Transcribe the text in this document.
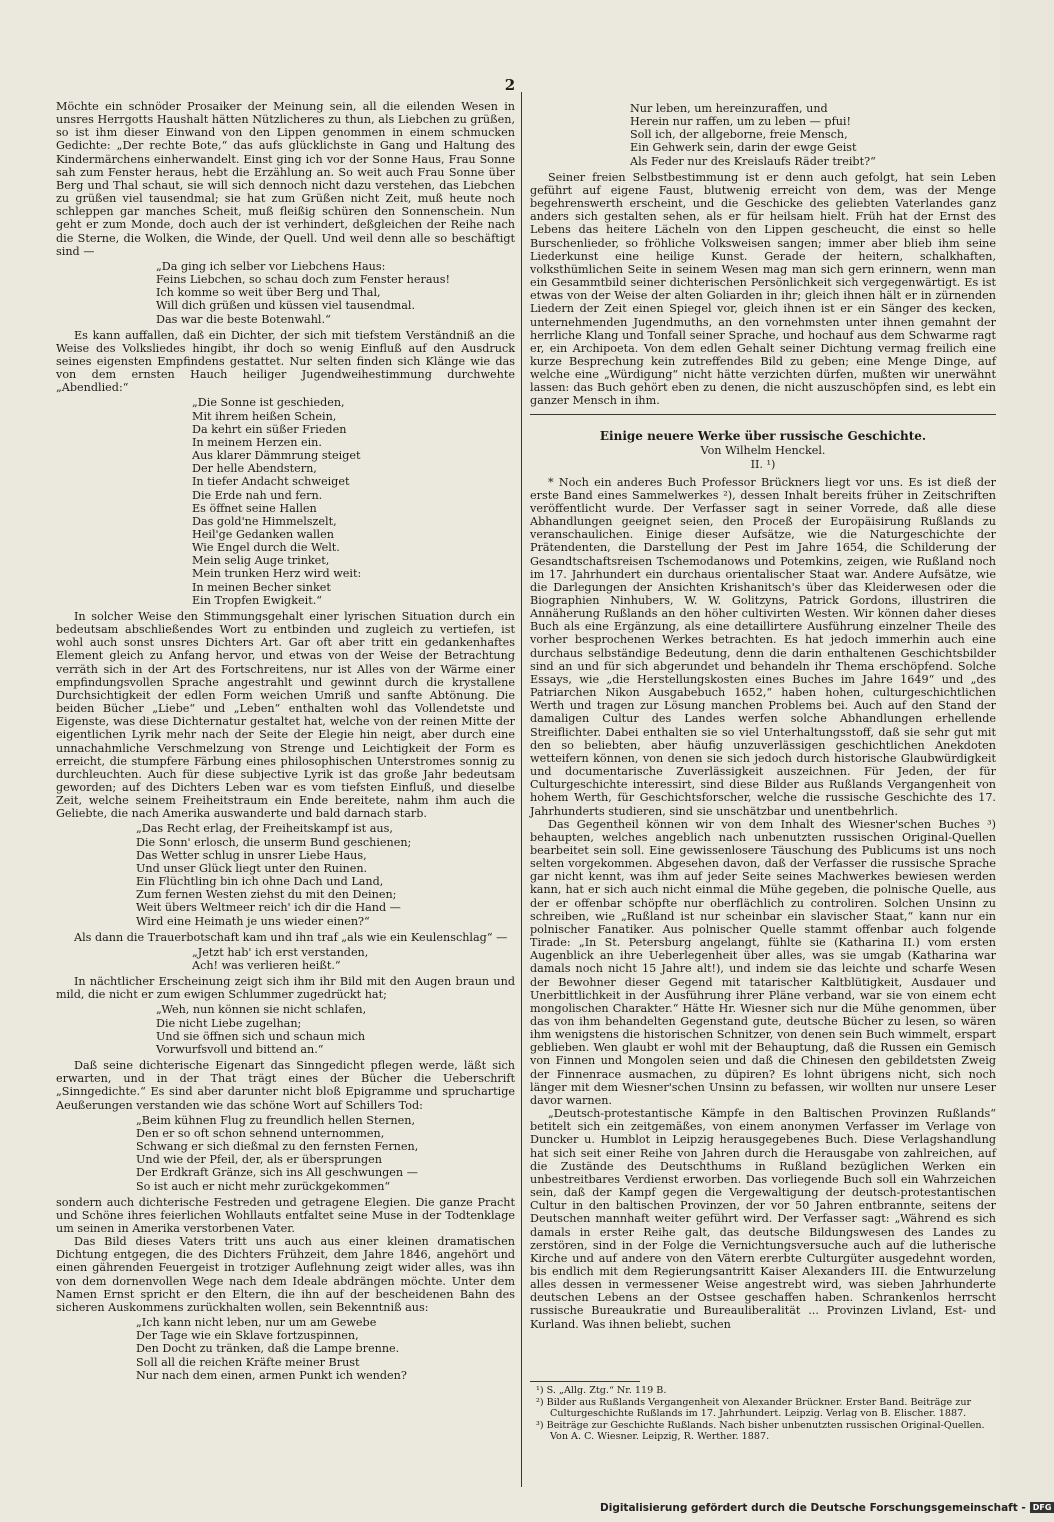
2

Möchte ein schnöder Prosaiker der Meinung sein, all die eilenden Wesen in unsres Herrgotts Haushalt hätten Nützlicheres zu thun, als Liebchen zu grüßen, so ist ihm dieser Einwand von den Lippen genommen in einem schmucken Gedichte: „Der rechte Bote,“ das aufs glücklichste in Gang und Haltung des Kindermärchens einherwandelt. Einst ging ich vor der Sonne Haus, Frau Sonne sah zum Fenster heraus, hebt die Erzählung an. So weit auch Frau Sonne über Berg und Thal schaut, sie will sich dennoch nicht dazu verstehen, das Liebchen zu grüßen viel tausendmal; sie hat zum Grüßen nicht Zeit, muß heute noch schleppen gar manches Scheit, muß fleißig schüren den Sonnenschein. Nun geht er zum Monde, doch auch der ist verhindert, deßgleichen der Reihe nach die Sterne, die Wolken, die Winde, der Quell. Und weil denn alle so beschäftigt sind —

„Da ging ich selber vor Liebchens Haus:
Feins Liebchen, so schau doch zum Fenster heraus!
Ich komme so weit über Berg und Thal,
Will dich grüßen und küssen viel tausendmal.
Das war die beste Botenwahl.“

Es kann auffallen, daß ein Dichter, der sich mit tiefstem Verständniß an die Weise des Volksliedes hingibt, ihr doch so wenig Einfluß auf den Ausdruck seines eigensten Empfindens gestattet. Nur selten finden sich Klänge wie das von dem ernsten Hauch heiliger Jugendweihestimmung durchwehte „Abendlied:“

„Die Sonne ist geschieden,
Mit ihrem heißen Schein,
Da kehrt ein süßer Frieden
In meinem Herzen ein.
Aus klarer Dämmrung steiget
Der helle Abendstern,
In tiefer Andacht schweiget
Die Erde nah und fern.
Es öffnet seine Hallen
Das gold'ne Himmelszelt,
Heil'ge Gedanken wallen
Wie Engel durch die Welt.
Mein selig Auge trinket,
Mein trunken Herz wird weit:
In meinen Becher sinket
Ein Tropfen Ewigkeit.“

In solcher Weise den Stimmungsgehalt einer lyrischen Situation durch ein bedeutsam abschließendes Wort zu entbinden und zugleich zu vertiefen, ist wohl auch sonst unsres Dichters Art. Gar oft aber tritt ein gedankenhaftes Element gleich zu Anfang hervor, und etwas von der Weise der Betrachtung verräth sich in der Art des Fortschreitens, nur ist Alles von der Wärme einer empfindungsvollen Sprache angestrahlt und gewinnt durch die krystallene Durchsichtigkeit der edlen Form weichen Umriß und sanfte Abtönung. Die beiden Bücher „Liebe“ und „Leben“ enthalten wohl das Vollendetste und Eigenste, was diese Dichternatur gestaltet hat, welche von der reinen Mitte der eigentlichen Lyrik mehr nach der Seite der Elegie hin neigt, aber durch eine unnachahmliche Verschmelzung von Strenge und Leichtigkeit der Form es erreicht, die stumpfere Färbung eines philosophischen Unterstromes sonnig zu durchleuchten. Auch für diese subjective Lyrik ist das große Jahr bedeutsam geworden; auf des Dichters Leben war es vom tiefsten Einfluß, und dieselbe Zeit, welche seinem Freiheitstraum ein Ende bereitete, nahm ihm auch die Geliebte, die nach Amerika auswanderte und bald darnach starb.

„Das Recht erlag, der Freiheitskampf ist aus,
Die Sonn' erlosch, die unserm Bund geschienen;
Das Wetter schlug in unsrer Liebe Haus,
Und unser Glück liegt unter den Ruinen.
Ein Flüchtling bin ich ohne Dach und Land,
Zum fernen Westen ziehst du mit den Deinen;
Weit übers Weltmeer reich' ich dir die Hand —
Wird eine Heimath je uns wieder einen?“

Als dann die Trauerbotschaft kam und ihn traf „als wie ein Keulenschlag“ —

„Jetzt hab' ich erst verstanden,
Ach! was verlieren heißt.“

In nächtlicher Erscheinung zeigt sich ihm ihr Bild mit den Augen braun und mild, die nicht er zum ewigen Schlummer zugedrückt hat;

„Weh, nun können sie nicht schlafen,
Die nicht Liebe zugelhan;
Und sie öffnen sich und schaun mich
Vorwurfsvoll und bittend an.“

Daß seine dichterische Eigenart das Sinngedicht pflegen werde, läßt sich erwarten, und in der That trägt eines der Bücher die Ueberschrift „Sinngedichte.“ Es sind aber darunter nicht bloß Epigramme und spruchartige Aeußerungen verstanden wie das schöne Wort auf Schillers Tod:

„Beim kühnen Flug zu freundlich hellen Sternen,
Den er so oft schon sehnend unternommen,
Schwang er sich dießmal zu den fernsten Fernen,
Und wie der Pfeil, der, als er übersprungen
Der Erdkraft Gränze, sich ins All geschwungen —
So ist auch er nicht mehr zurückgekommen“

sondern auch dichterische Festreden und getragene Elegien. Die ganze Pracht und Schöne ihres feierlichen Wohllauts entfaltet seine Muse in der Todtenklage um seinen in Amerika verstorbenen Vater.

Das Bild dieses Vaters tritt uns auch aus einer kleinen dramatischen Dichtung entgegen, die des Dichters Frühzeit, dem Jahre 1846, angehört und einen gährenden Feuergeist in trotziger Auflehnung zeigt wider alles, was ihn von dem dornenvollen Wege nach dem Ideale abdrängen möchte. Unter dem Namen Ernst spricht er den Eltern, die ihn auf der bescheidenen Bahn des sicheren Auskommens zurückhalten wollen, sein Bekenntniß aus:

„Ich kann nicht leben, nur um am Gewebe
Der Tage wie ein Sklave fortzuspinnen,
Den Docht zu tränken, daß die Lampe brenne.
Soll all die reichen Kräfte meiner Brust
Nur nach dem einen, armen Punkt ich wenden?
Nur leben, um hereinzuraffen, und
Herein nur raffen, um zu leben — pfui!
Soll ich, der allgeborne, freie Mensch,
Ein Gehwerk sein, darin der ewge Geist
Als Feder nur des Kreislaufs Räder treibt?“

Seiner freien Selbstbestimmung ist er denn auch gefolgt, hat sein Leben geführt auf eigene Faust, blutwenig erreicht von dem, was der Menge begehrenswerth erscheint, und die Geschicke des geliebten Vaterlandes ganz anders sich gestalten sehen, als er für heilsam hielt. Früh hat der Ernst des Lebens das heitere Lächeln von den Lippen gescheucht, die einst so helle Burschenlieder, so fröhliche Volksweisen sangen; immer aber blieb ihm seine Liederkunst eine heilige Kunst. Gerade der heitern, schalkhaften, volksthümlichen Seite in seinem Wesen mag man sich gern erinnern, wenn man ein Gesammtbild seiner dichterischen Persönlichkeit sich vergegenwärtigt. Es ist etwas von der Weise der alten Goliarden in ihr; gleich ihnen hält er in zürnenden Liedern der Zeit einen Spiegel vor, gleich ihnen ist er ein Sänger des kecken, unternehmenden Jugendmuths, an den vornehmsten unter ihnen gemahnt der herrliche Klang und Tonfall seiner Sprache, und hochauf aus dem Schwarme ragt er, ein Archipoeta. Von dem edlen Gehalt seiner Dichtung vermag freilich eine kurze Besprechung kein zutreffendes Bild zu geben; eine Menge Dinge, auf welche eine „Würdigung“ nicht hätte verzichten dürfen, mußten wir unerwähnt lassen: das Buch gehört eben zu denen, die nicht auszuschöpfen sind, es lebt ein ganzer Mensch in ihm.

Einige neuere Werke über russische Geschichte.
Von Wilhelm Henckel.
II. ¹)

* Noch ein anderes Buch Professor Brückners liegt vor uns. Es ist dieß der erste Band eines Sammelwerkes ²), dessen Inhalt bereits früher in Zeitschriften veröffentlicht wurde. Der Verfasser sagt in seiner Vorrede, daß alle diese Abhandlungen geeignet seien, den Proceß der Europäisirung Rußlands zu veranschaulichen. Einige dieser Aufsätze, wie die Naturgeschichte der Prätendenten, die Darstellung der Pest im Jahre 1654, die Schilderung der Gesandtschaftsreisen Tschemodanows und Potemkins, zeigen, wie Rußland noch im 17. Jahrhundert ein durchaus orientalischer Staat war. Andere Aufsätze, wie die Darlegungen der Ansichten Krishanitsch's über das Kleiderwesen oder die Biographien Ninhubers, W. W. Golitzyns, Patrick Gordons, illustriren die Annäherung Rußlands an den höher cultivirten Westen. Wir können daher dieses Buch als eine Ergänzung, als eine detaillirtere Ausführung einzelner Theile des vorher besprochenen Werkes betrachten. Es hat jedoch immerhin auch eine durchaus selbständige Bedeutung, denn die darin enthaltenen Geschichtsbilder sind an und für sich abgerundet und behandeln ihr Thema erschöpfend. Solche Essays, wie „die Herstellungskosten eines Buches im Jahre 1649“ und „des Patriarchen Nikon Ausgabebuch 1652,“ haben hohen, culturgeschichtlichen Werth und tragen zur Lösung manchen Problems bei. Auch auf den Stand der damaligen Cultur des Landes werfen solche Abhandlungen erhellende Streiflichter. Dabei enthalten sie so viel Unterhaltungsstoff, daß sie sehr gut mit den so beliebten, aber häufig unzuverlässigen geschichtlichen Anekdoten wetteifern können, von denen sie sich jedoch durch historische Glaubwürdigkeit und documentarische Zuverlässigkeit auszeichnen. Für Jeden, der für Culturgeschichte interessirt, sind diese Bilder aus Rußlands Vergangenheit von hohem Werth, für Geschichtsforscher, welche die russische Geschichte des 17. Jahrhunderts studieren, sind sie unschätzbar und unentbehrlich.

Das Gegentheil können wir von dem Inhalt des Wiesner'schen Buches ³) behaupten, welches angeblich nach unbenutzten russischen Original-Quellen bearbeitet sein soll. Eine gewissenlosere Täuschung des Publicums ist uns noch selten vorgekommen. Abgesehen davon, daß der Verfasser die russische Sprache gar nicht kennt, was ihm auf jeder Seite seines Machwerkes bewiesen werden kann, hat er sich auch nicht einmal die Mühe gegeben, die polnische Quelle, aus der er offenbar schöpfte nur oberflächlich zu controliren. Solchen Unsinn zu schreiben, wie „Rußland ist nur scheinbar ein slavischer Staat,“ kann nur ein polnischer Fanatiker. Aus polnischer Quelle stammt offenbar auch folgende Tirade: „In St. Petersburg angelangt, fühlte sie (Katharina II.) vom ersten Augenblick an ihre Ueberlegenheit über alles, was sie umgab (Katharina war damals noch nicht 15 Jahre alt!), und indem sie das leichte und scharfe Wesen der Bewohner dieser Gegend mit tatarischer Kaltblütigkeit, Ausdauer und Unerbittlichkeit in der Ausführung ihrer Pläne verband, war sie von einem echt mongolischen Charakter.“ Hätte Hr. Wiesner sich nur die Mühe genommen, über das von ihm behandelten Gegenstand gute, deutsche Bücher zu lesen, so wären ihm wenigstens die historischen Schnitzer, von denen sein Buch wimmelt, erspart geblieben. Wen glaubt er wohl mit der Behauptung, daß die Russen ein Gemisch von Finnen und Mongolen seien und daß die Chinesen den gebildetsten Zweig der Finnenrace ausmachen, zu düpiren? Es lohnt übrigens nicht, sich noch länger mit dem Wiesner'schen Unsinn zu befassen, wir wollten nur unsere Leser davor warnen.

„Deutsch-protestantische Kämpfe in den Baltischen Provinzen Rußlands“ betitelt sich ein zeitgemäßes, von einem anonymen Verfasser im Verlage von Duncker u. Humblot in Leipzig herausgegebenes Buch. Diese Verlagshandlung hat sich seit einer Reihe von Jahren durch die Herausgabe von zahlreichen, auf die Zustände des Deutschthums in Rußland bezüglichen Werken ein unbestreitbares Verdienst erworben. Das vorliegende Buch soll ein Wahrzeichen sein, daß der Kampf gegen die Vergewaltigung der deutsch-protestantischen Cultur in den baltischen Provinzen, der vor 50 Jahren entbrannte, seitens der Deutschen mannhaft weiter geführt wird. Der Verfasser sagt: „Während es sich damals in erster Reihe galt, das deutsche Bildungswesen des Landes zu zerstören, sind in der Folge die Vernichtungsversuche auch auf die lutherische Kirche und auf andere von den Vätern ererbte Culturgüter ausgedehnt worden, bis endlich mit dem Regierungsantritt Kaiser Alexanders III. die Entwurzelung alles dessen in vermessener Weise angestrebt wird, was sieben Jahrhunderte deutschen Lebens an der Ostsee geschaffen haben. Schrankenlos herrscht russische Bureaukratie und Bureauliberalität ... Provinzen Livland, Est- und Kurland. Was ihnen beliebt, suchen

¹) S. „Allg. Ztg.“ Nr. 119 B.
²) Bilder aus Rußlands Vergangenheit von Alexander Brückner. Erster Band. Beiträge zur Culturgeschichte Rußlands im 17. Jahrhundert. Leipzig. Verlag von B. Elischer. 1887.
³) Beiträge zur Geschichte Rußlands. Nach bisher unbenutzten russischen Original-Quellen. Von A. C. Wiesner. Leipzig, R. Werther. 1887.
Digitalisierung gefördert durch die Deutsche Forschungsgemeinschaft - DFG
